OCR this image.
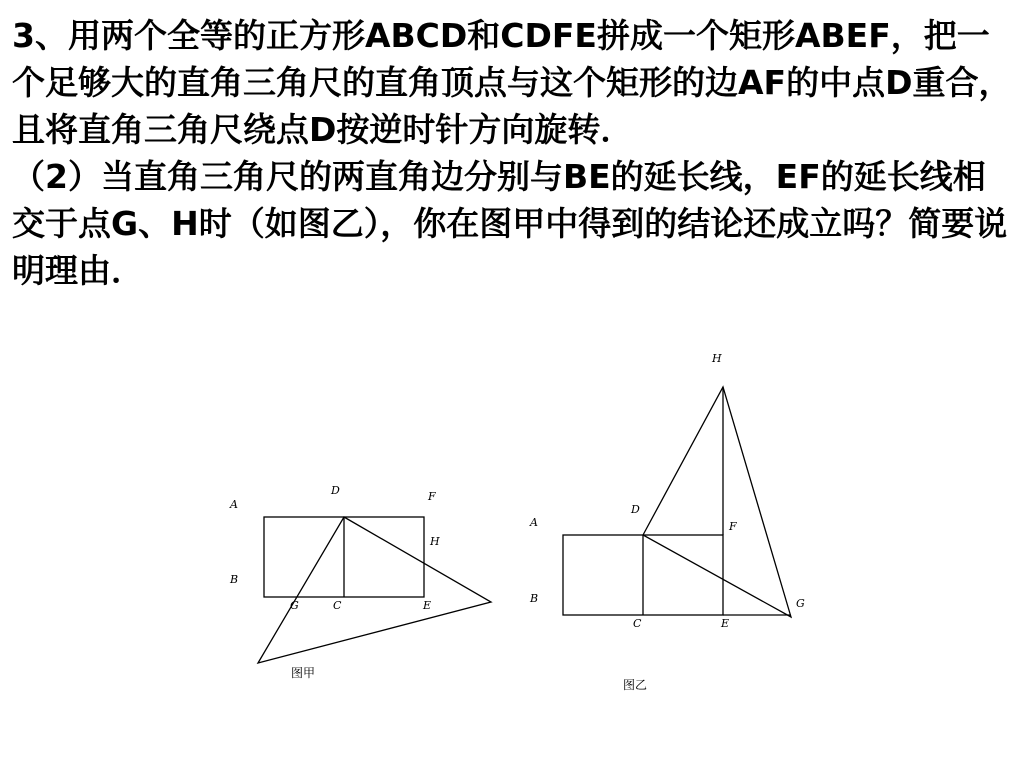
3、用两个全等的正方形ABCD和CDFE拼成一个矩形ABEF，把一个足够大的直角三角尺的直角顶点与这个矩形的边AF的中点D重合，且将直角三角尺绕点D按逆时针方向旋转．

（2）当直角三角尺的两直角边分别与BE的延长线，EF的延长线相交于点G、H时（如图乙），你在图甲中得到的结论还成立吗？简要说明理由．

A
B
C
D
E
F
G
H
图甲
A
B
C
D
E
F
G
H
图乙
